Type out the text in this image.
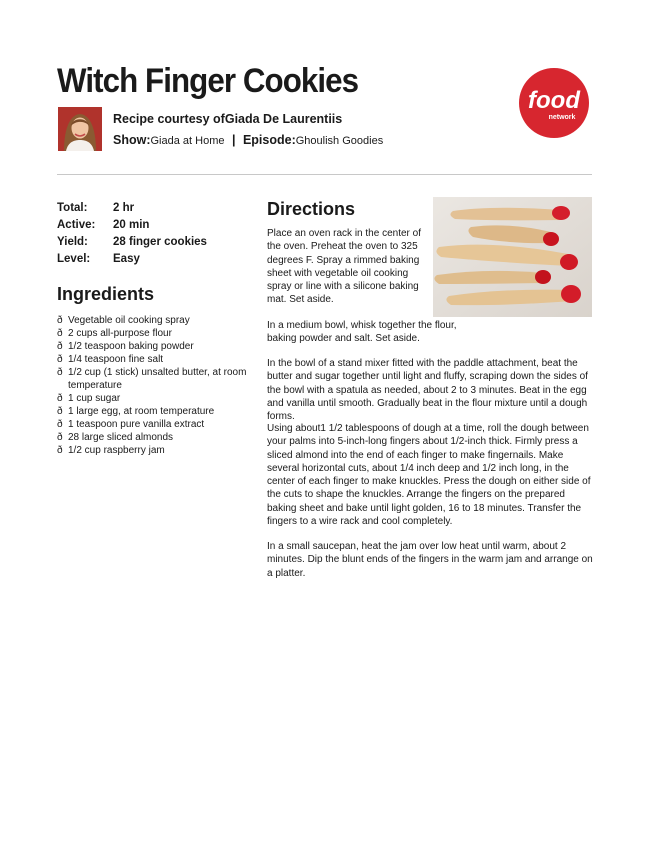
Witch Finger Cookies
Recipe courtesy ofGiada De Laurentiis
Show:Giada at Home | Episode:Ghoulish Goodies
food
network
Total:	2 hr
Active:	20 min
Yield:	28 finger cookies
Level:	Easy
Ingredients
ð Vegetable oil cooking spray
ð 2 cups all-purpose flour
ð 1/2 teaspoon baking powder
ð 1/4 teaspoon fine salt
ð 1/2 cup (1 stick) unsalted butter, at room temperature
ð 1 cup sugar
ð 1 large egg, at room temperature
ð 1 teaspoon pure vanilla extract
ð 28 large sliced almonds
ð 1/2 cup raspberry jam
Directions

Place an oven rack in the center of the oven. Preheat the oven to 325 degrees F. Spray a rimmed baking sheet with vegetable oil cooking spray or line with a silicone baking mat. Set aside.

In a medium bowl, whisk together the flour, baking powder and salt. Set aside.

In the bowl of a stand mixer fitted with the paddle attachment, beat the butter and sugar together until light and fluffy, scraping down the sides of the bowl with a spatula as needed, about 2 to 3 minutes. Beat in the egg and vanilla until smooth. Gradually beat in the flour mixture until a dough forms.

Using about1 1/2 tablespoons of dough at a time, roll the dough between your palms into 5-inch-long fingers about 1/2-inch thick. Firmly press a sliced almond into the end of each finger to make fingernails. Make several horizontal cuts, about 1/4 inch deep and 1/2 inch long, in the center of each finger to make knuckles. Press the dough on either side of the cuts to shape the knuckles. Arrange the fingers on the prepared baking sheet and bake until light golden, 16 to 18 minutes. Transfer the fingers to a wire rack and cool completely.

In a small saucepan, heat the jam over low heat until warm, about 2 minutes. Dip the blunt ends of the fingers in the warm jam and arrange on a platter.
